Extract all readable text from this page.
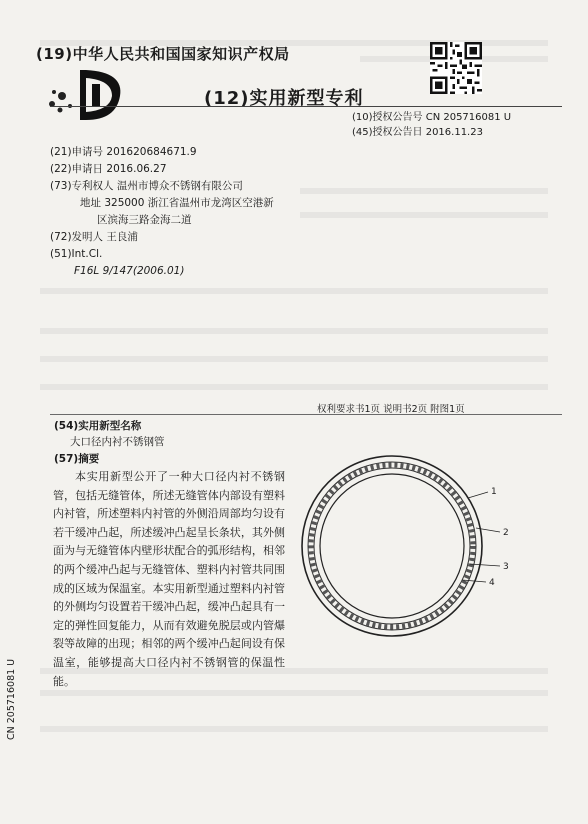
(19)中华人民共和国国家知识产权局
(12)实用新型专利
(10)授权公告号 CN 205716081 U
(45)授权公告日 2016.11.23
(21)申请号 201620684671.9
(22)申请日 2016.06.27
(73)专利权人 温州市博众不锈钢有限公司
地址 325000 浙江省温州市龙湾区空港新
区滨海三路金海二道
(72)发明人 王良浦
(51)Int.Cl.
F16L 9/147(2006.01)
权利要求书1页 说明书2页 附图1页
(54)实用新型名称
大口径内衬不锈钢管
(57)摘要
本实用新型公开了一种大口径内衬不锈钢管，包括无缝管体，所述无缝管体内部设有塑料内衬管，所述塑料内衬管的外侧沿周部均匀设有若干缓冲凸起，所述缓冲凸起呈长条状，其外侧面为与无缝管体内壁形状配合的弧形结构，相邻的两个缓冲凸起与无缝管体、塑料内衬管共同围成的区域为保温室。本实用新型通过塑料内衬管的外侧均匀设置若干缓冲凸起，缓冲凸起具有一定的弹性回复能力，从而有效避免脱层或内管爆裂等故障的出现；相邻的两个缓冲凸起间设有保温室，能够提高大口径内衬不锈钢管的保温性能。
1
2
3
4
CN 205716081 U
